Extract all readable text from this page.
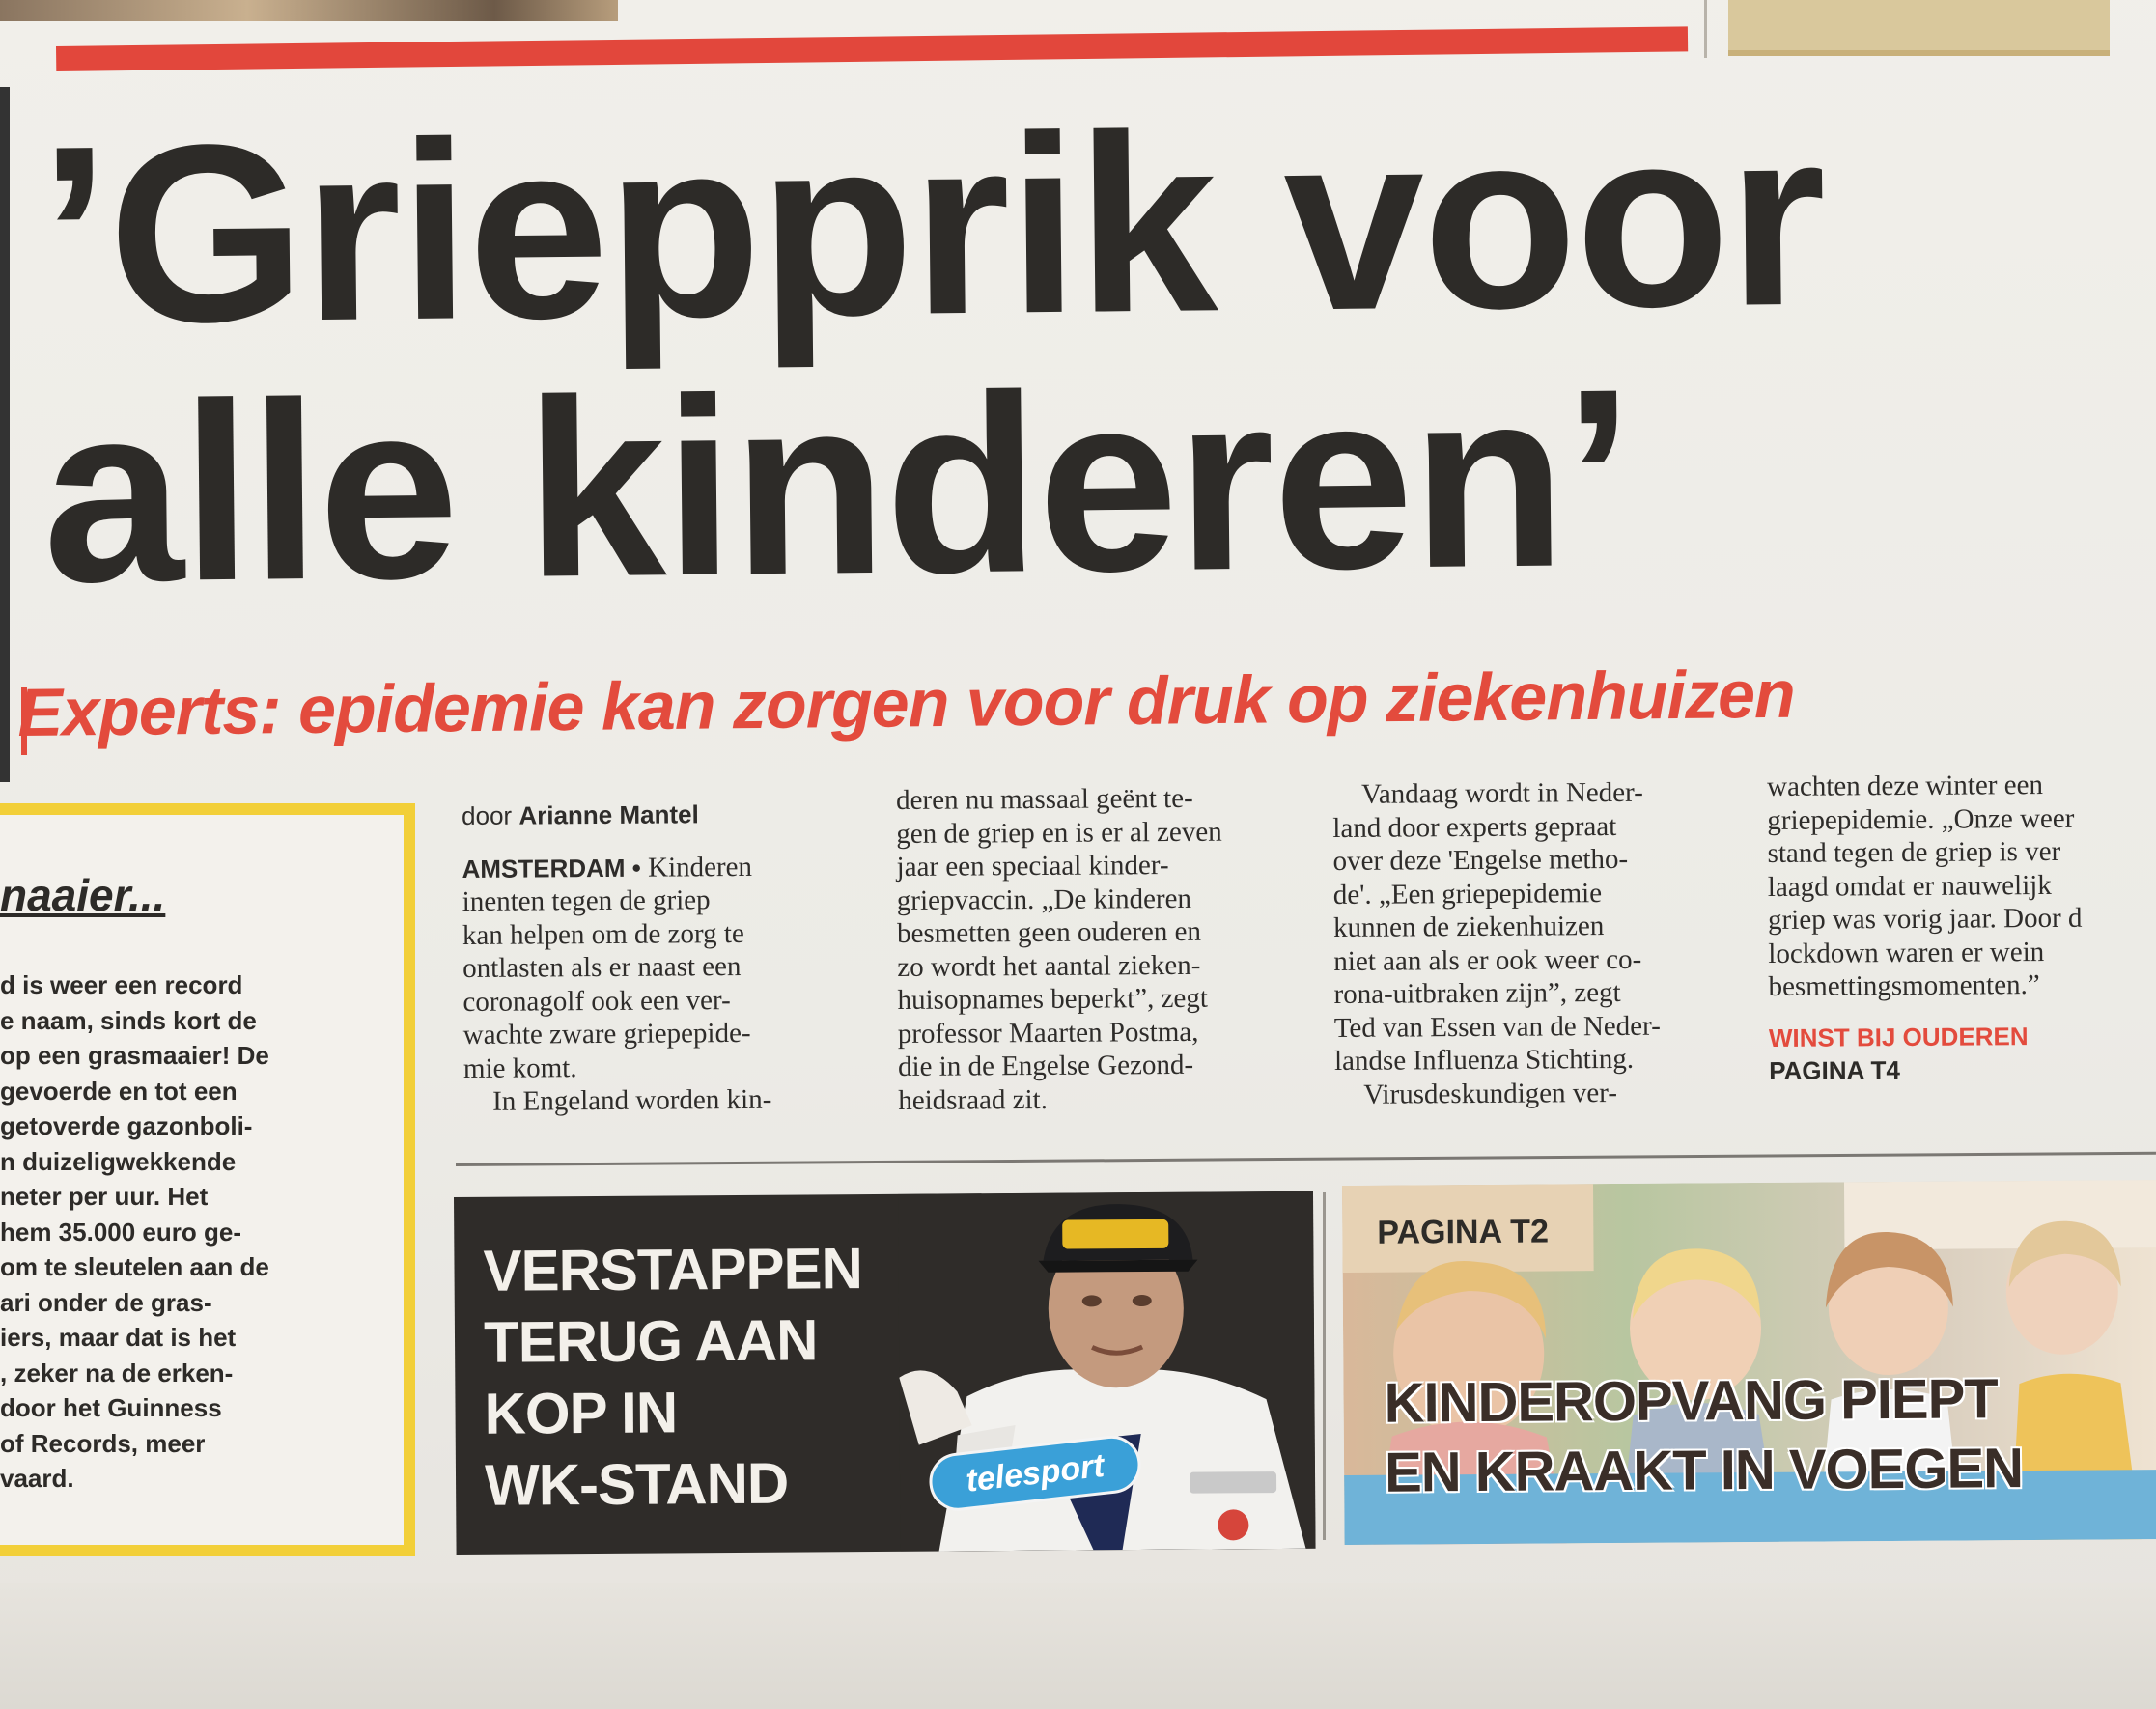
’Griepprik voor
alle kinderen’
Experts: epidemie kan zorgen voor druk op ziekenhuizen
naaier...
d is weer een record
e naam, sinds kort de
op een grasmaaier! De
gevoerde en tot een
getoverde gazonboli-
n duizeligwekkende
neter per uur. Het
hem 35.000 euro ge-
om te sleutelen aan de
ari onder de gras-
iers, maar dat is het
, zeker na de erken-
door het Guinness
of Records, meer
vaard.
door Arianne Mantel
AMSTERDAM • Kinderen
inenten tegen de griep
kan helpen om de zorg te
ontlasten als er naast een
coronagolf ook een ver-
wachte zware griepepide-
mie komt.
In Engeland worden kin-
deren nu massaal geënt te-
gen de griep en is er al zeven
jaar een speciaal kinder-
griepvaccin. „De kinderen
besmetten geen ouderen en
zo wordt het aantal zieken-
huisopnames beperkt”, zegt
professor Maarten Postma,
die in de Engelse Gezond-
heidsraad zit.
Vandaag wordt in Neder-
land door experts gepraat
over deze 'Engelse metho-
de'. „Een griepepidemie
kunnen de ziekenhuizen
niet aan als er ook weer co-
rona-uitbraken zijn”, zegt
Ted van Essen van de Neder-
landse Influenza Stichting.
Virusdeskundigen ver-
wachten deze winter een
griepepidemie. „Onze weer
stand tegen de griep is ver
laagd omdat er nauwelijk
griep was vorig jaar. Door d
lockdown waren er wein
besmettingsmomenten.”
WINST BIJ OUDEREN
PAGINA T4
VERSTAPPEN
TERUG AAN
KOP IN
WK-STAND	telesport
PAGINA T2
KINDEROPVANG PIEPT
EN KRAAKT IN VOEGEN
